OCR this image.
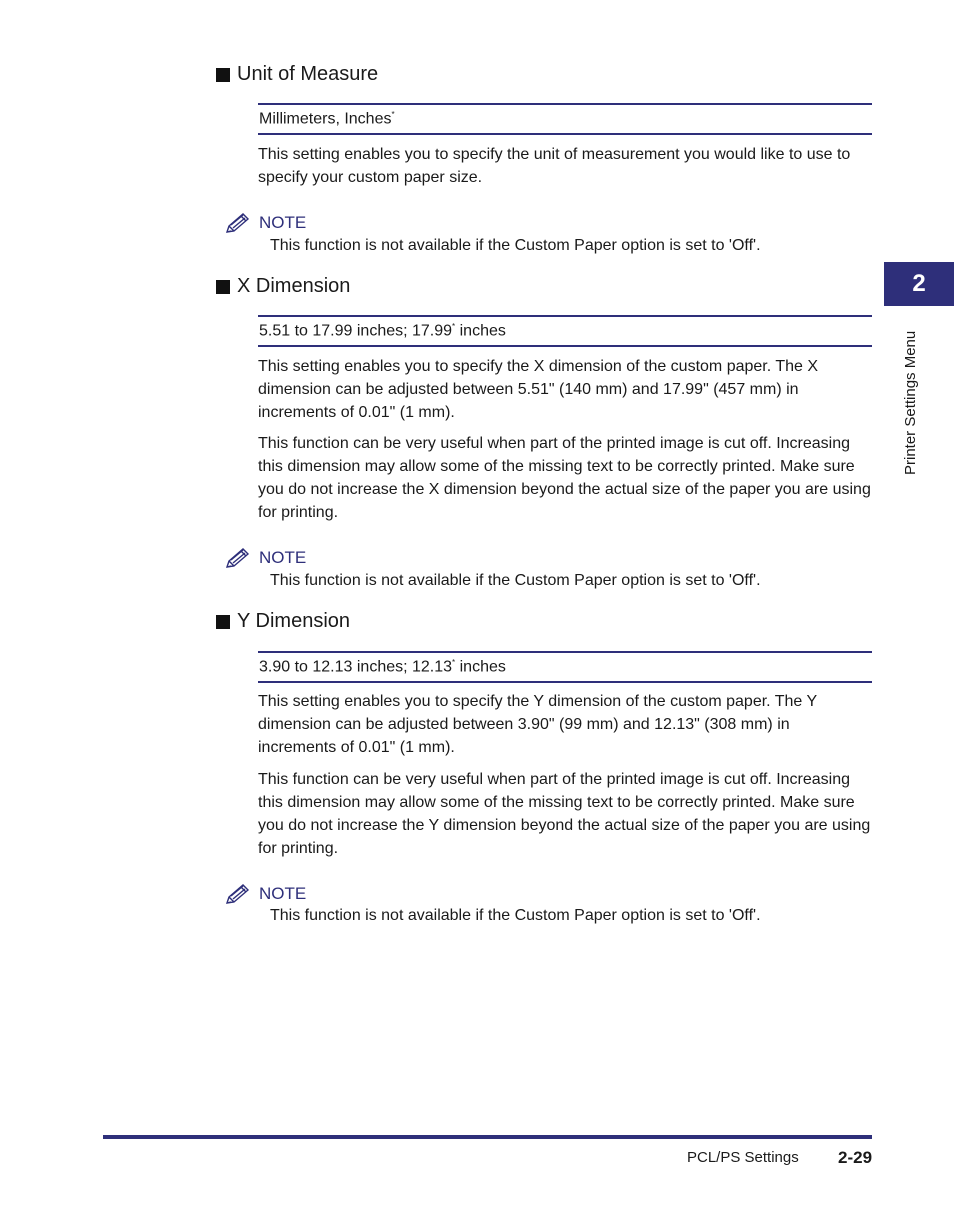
Unit of Measure
Millimeters, Inches*

This setting enables you to specify the unit of measurement you would like to use to specify your custom paper size.

NOTE
This function is not available if the Custom Paper option is set to 'Off'.
X Dimension
5.51 to 17.99 inches; 17.99* inches

This setting enables you to specify the X dimension of the custom paper. The X dimension can be adjusted between 5.51" (140 mm) and 17.99" (457 mm) in increments of 0.01" (1 mm).

This function can be very useful when part of the printed image is cut off. Increasing this dimension may allow some of the missing text to be correctly printed. Make sure you do not increase the X dimension beyond the actual size of the paper you are using for printing.

NOTE
This function is not available if the Custom Paper option is set to 'Off'.
Y Dimension
3.90 to 12.13 inches; 12.13* inches

This setting enables you to specify the Y dimension of the custom paper. The Y dimension can be adjusted between 3.90" (99 mm) and 12.13" (308 mm) in increments of 0.01" (1 mm).

This function can be very useful when part of the printed image is cut off. Increasing this dimension may allow some of the missing text to be correctly printed. Make sure you do not increase the Y dimension beyond the actual size of the paper you are using for printing.

NOTE
This function is not available if the Custom Paper option is set to 'Off'.
2
Printer Settings Menu
PCL/PS Settings 2-29
